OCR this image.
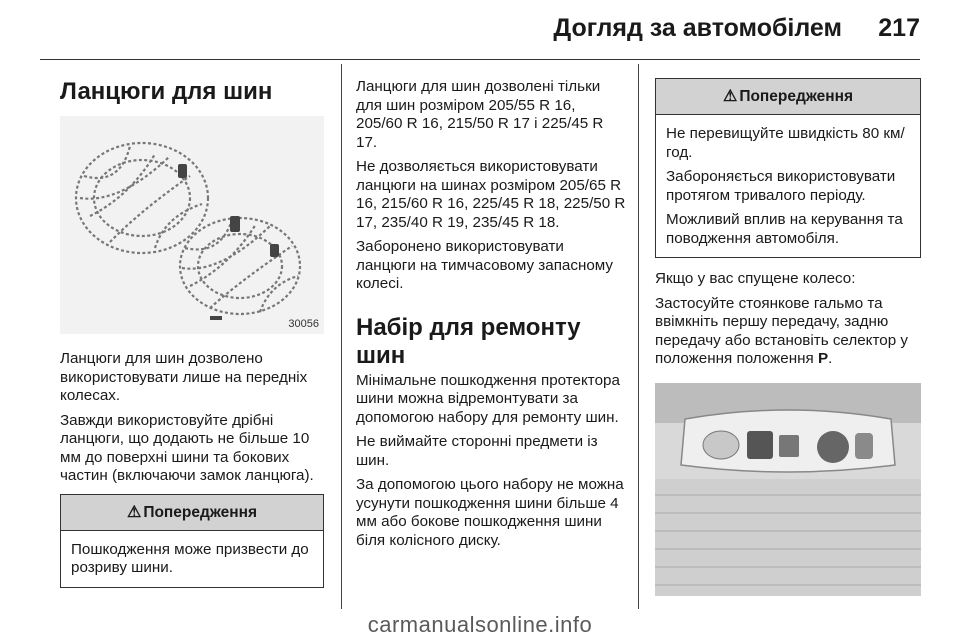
Догляд за автомобілем 217
Ланцюги для шин
30056

Ланцюги для шин дозволено використовувати лише на передніх колесах.

Завжди використовуйте дрібні ланцюги, що додають не більше 10 мм до поверхні шини та бокових частин (включаючи замок ланцюга).

⚠ Попередження

Пошкодження може призвести до розриву шини.

Ланцюги для шин дозволені тільки для шин розміром 205/55 R 16, 205/60 R 16, 215/50 R 17 і 225/45 R 17.

Не дозволяється використовувати ланцюги на шинах розміром 205/65 R 16, 215/60 R 16, 225/45 R 18, 225/50 R 17, 235/40 R 19, 235/45 R 18.

Заборонено використовувати ланцюги на тимчасовому запасному колесі.

Набір для ремонту шин

Мінімальне пошкодження протектора шини можна відремонтувати за допомогою набору для ремонту шин.

Не виймайте сторонні предмети із шин.

За допомогою цього набору не можна усунути пошкодження шини більше 4 мм або бокове пошкодження шини біля колісного диску.

⚠ Попередження

Не перевищуйте швидкість 80 км/год.

Забороняється використовувати протягом тривалого періоду.

Можливий вплив на керування та поводження автомобіля.

Якщо у вас спущене колесо:

Застосуйте стоянкове гальмо та ввімкніть першу передачу, задню передачу або встановіть селектор у положення положення P.

carmanualsonline.info
